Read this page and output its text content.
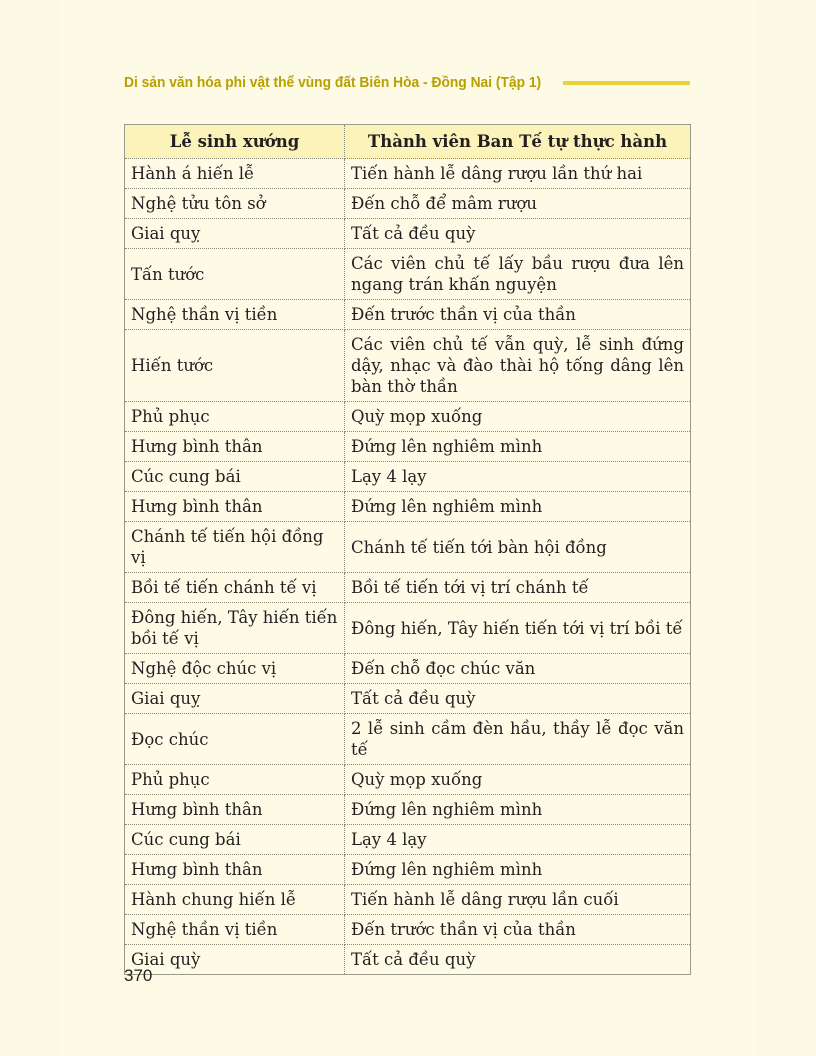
Di sản văn hóa phi vật thể vùng đất Biên Hòa - Đồng Nai (Tập 1)
Lễ sinh xướng	Thành viên Ban Tế tự thực hành
Hành á hiến lễ	Tiến hành lễ dâng rượu lần thứ hai
Nghệ tửu tôn sở	Đến chỗ để mâm rượu
Giai quỵ	Tất cả đều quỳ
Tấn tước	Các viên chủ tế lấy bầu rượu đưa lên ngang trán khấn nguyện
Nghệ thần vị tiền	Đến trước thần vị của thần
Hiến tước	Các viên chủ tế vẫn quỳ, lễ sinh đứng dậy, nhạc và đào thài hộ tống dâng lên bàn thờ thần
Phủ phục	Quỳ mọp xuống
Hưng bình thân	Đứng lên nghiêm mình
Cúc cung bái	Lạy 4 lạy
Hưng bình thân	Đứng lên nghiêm mình
Chánh tế tiến hội đồng vị	Chánh tế tiến tới bàn hội đồng
Bồi tế tiến chánh tế vị	Bồi tế tiến tới vị trí chánh tế
Đông hiến, Tây hiến tiến bồi tế vị	Đông hiến, Tây hiến tiến tới vị trí bồi tế
Nghệ độc chúc vị	Đến chỗ đọc chúc văn
Giai quỵ	Tất cả đều quỳ
Đọc chúc	2 lễ sinh cầm đèn hầu, thầy lễ đọc văn tế
Phủ phục	Quỳ mọp xuống
Hưng bình thân	Đứng lên nghiêm mình
Cúc cung bái	Lạy 4 lạy
Hưng bình thân	Đứng lên nghiêm mình
Hành chung hiến lễ	Tiến hành lễ dâng rượu lần cuối
Nghệ thần vị tiền	Đến trước thần vị của thần
Giai quỳ	Tất cả đều quỳ
370
